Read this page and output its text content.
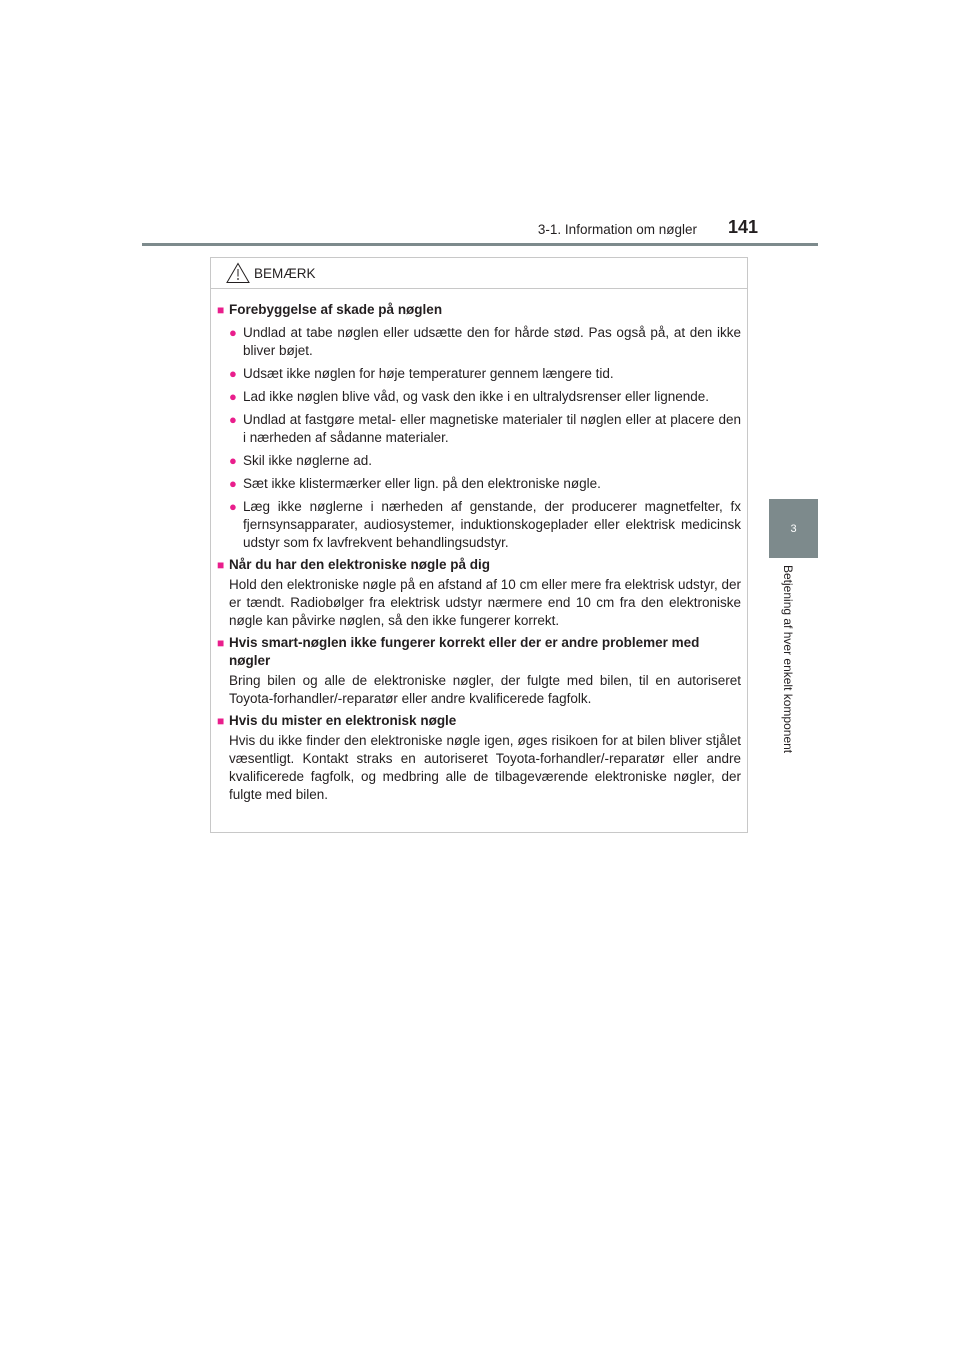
3-1. Information om nøgler 141
3
Betjening af hver enkelt komponent
BEMÆRK
■ Forebyggelse af skade på nøglen
● Undlad at tabe nøglen eller udsætte den for hårde stød. Pas også på, at den ikke bliver bøjet.
● Udsæt ikke nøglen for høje temperaturer gennem længere tid.
● Lad ikke nøglen blive våd, og vask den ikke i en ultralydsrenser eller lignende.
● Undlad at fastgøre metal- eller magnetiske materialer til nøglen eller at placere den i nærheden af sådanne materialer.
● Skil ikke nøglerne ad.
● Sæt ikke klistermærker eller lign. på den elektroniske nøgle.
● Læg ikke nøglerne i nærheden af genstande, der producerer magnetfelter, fx fjernsynsapparater, audiosystemer, induktionskogeplader eller elektrisk medicinsk udstyr som fx lavfrekvent behandlingsudstyr.
■ Når du har den elektroniske nøgle på dig
Hold den elektroniske nøgle på en afstand af 10 cm eller mere fra elektrisk udstyr, der er tændt. Radiobølger fra elektrisk udstyr nærmere end 10 cm fra den elektroniske nøgle kan påvirke nøglen, så den ikke fungerer korrekt.
■ Hvis smart-nøglen ikke fungerer korrekt eller der er andre problemer med nøgler
Bring bilen og alle de elektroniske nøgler, der fulgte med bilen, til en autoriseret Toyota-forhandler/-reparatør eller andre kvalificerede fagfolk.
■ Hvis du mister en elektronisk nøgle
Hvis du ikke finder den elektroniske nøgle igen, øges risikoen for at bilen bliver stjålet væsentligt. Kontakt straks en autoriseret Toyota-forhandler/-reparatør eller andre kvalificerede fagfolk, og medbring alle de tilbageværende elektroniske nøgler, der fulgte med bilen.
